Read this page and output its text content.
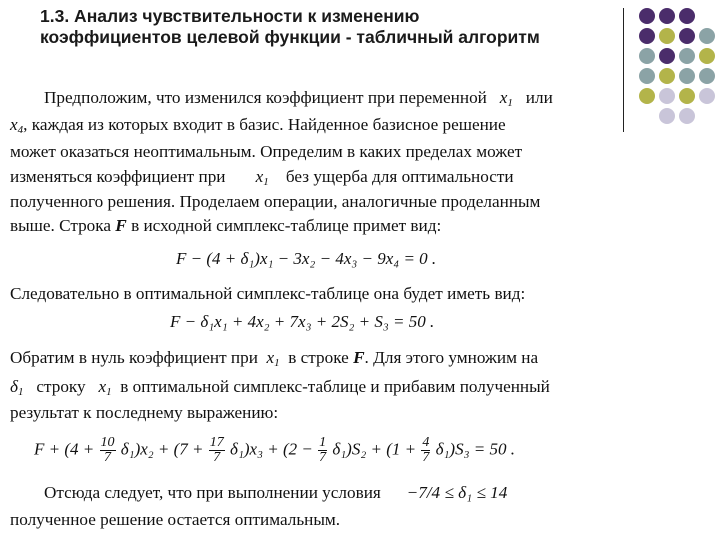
1.3. Анализ чувствительности к изменению
коэффициентов целевой функции - табличный алгоритм
Предположим, что изменился коэффициент при переменной $x_1$ или
$x_4$, каждая из которых входит в базис. Найденное базисное решение
может оказаться неоптимальным. Определим в каких пределах может
изменяться коэффициент при $x_1$ без ущерба для оптимальности
полученного решения. Проделаем операции, аналогичные проделанным
выше. Строка F в исходной симплекс-таблице примет вид:
F − (4 + δ₁)x₁ − 3x₂ − 4x₃ − 9x₄ = 0 .
Следовательно в оптимальной симплекс-таблице она будет иметь вид:
F − δ₁x₁ + 4x₂ + 7x₃ + 2S₂ + S₃ = 50 .
Обратим в нуль коэффициент при $x_1$ в строке F. Для этого умножим на
$\delta_1$ строку $x_1$ в оптимальной симплекс-таблице и прибавим полученный
результат к последнему выражению:
$F + (4 + \frac{10}{7} \delta_1)x_2 + (7 + \frac{17}{7} \delta_1)x_3 + (2 - \frac{1}{7} \delta_1)S_2 + (1 + \frac{4}{7} \delta_1)S_3 = 50$ .
Отсюда следует, что при выполнении условия −7/4 ≤ δ₁ ≤ 14
полученное решение остается оптимальным.
